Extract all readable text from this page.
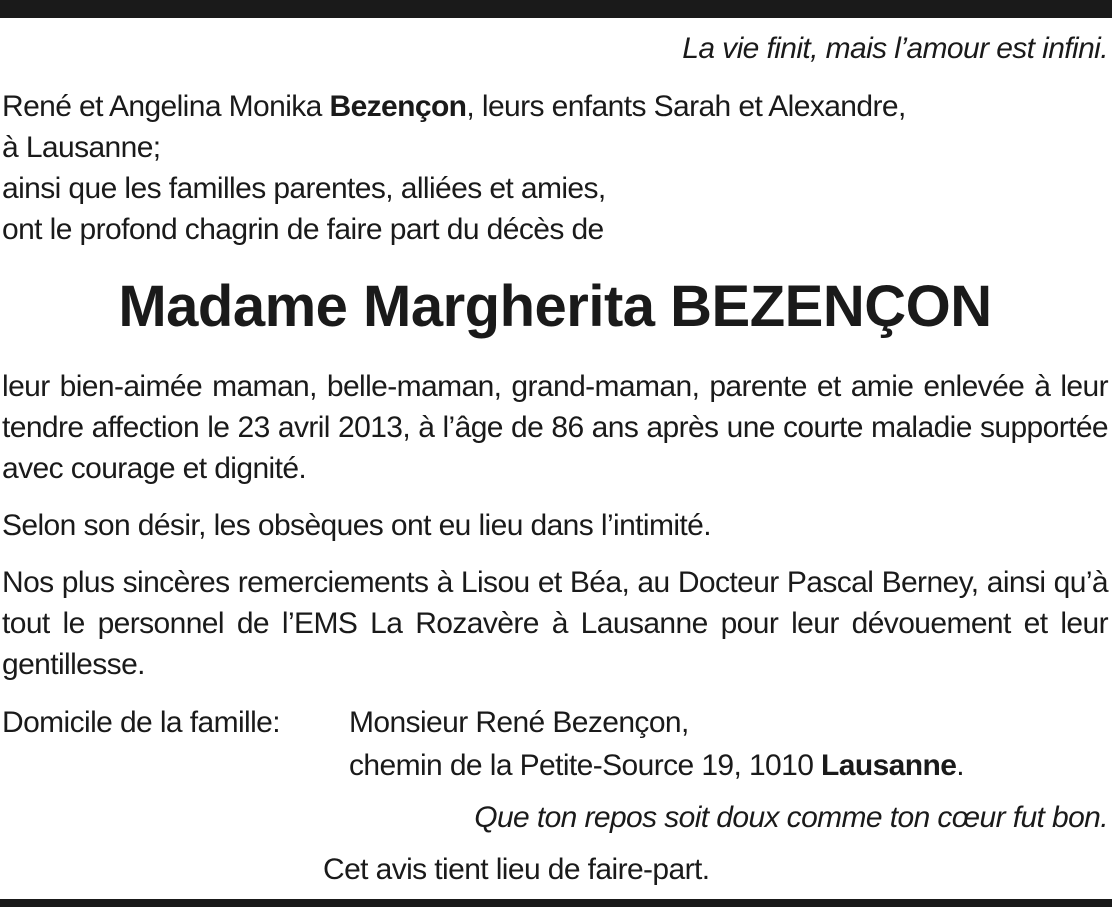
La vie finit, mais l’amour est infini.

René et Angelina Monika Bezençon, leurs enfants Sarah et Alexandre,

à Lausanne;

ainsi que les familles parentes, alliées et amies,

ont le profond chagrin de faire part du décès de

Madame Margherita BEZENÇON

leur bien-aimée maman, belle-maman, grand-maman, parente et amie enlevée à leur tendre affection le 23 avril 2013, à l’âge de 86 ans après une courte maladie supportée avec courage et dignité.

Selon son désir, les obsèques ont eu lieu dans l’intimité.

Nos plus sincères remerciements à Lisou et Béa, au Docteur Pascal Berney, ainsi qu’à tout le personnel de l’EMS La Rozavère à Lausanne pour leur dévouement et leur gentillesse.

Domicile de la famille:	Monsieur René Bezençon,
chemin de la Petite-Source 19, 1010 Lausanne.

Que ton repos soit doux comme ton cœur fut bon.

Cet avis tient lieu de faire-part.
